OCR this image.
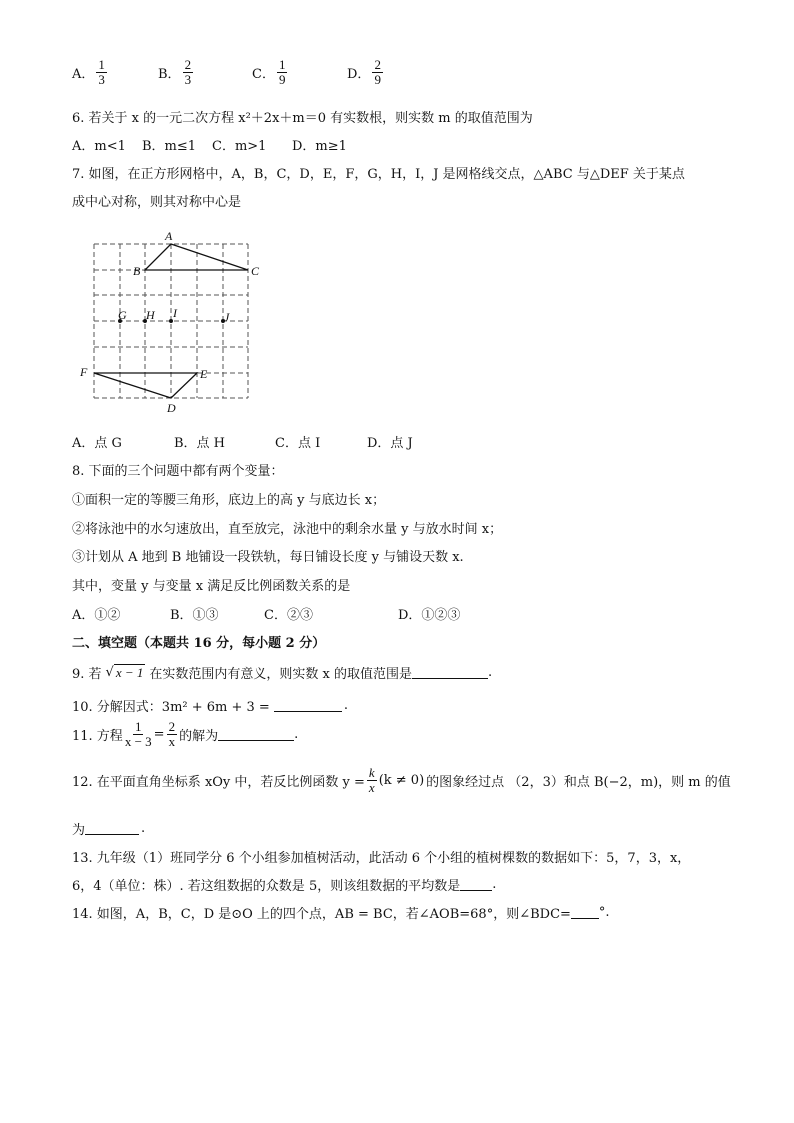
A． $\frac{1}{3}$	B． $\frac{2}{3}$	C． $\frac{1}{9}$	D． $\frac{2}{9}$
6. 若关于 x 的一元二次方程 x²＋2x＋m＝0 有实数根，则实数 m 的取值范围为
A．m<1 B．m≤1 C．m>1 D．m≥1
7. 如图，在正方形网格中，A，B，C，D，E，F，G，H，I，J 是网格线交点，△ABC 与△DEF 关于某点
成中心对称，则其对称中心是
A
B	C
G H I	J
F	E
D
A．点 G	B．点 H	C．点 I	D．点 J
8. 下面的三个问题中都有两个变量：
①面积一定的等腰三角形，底边上的高 y 与底边长 x；
②将泳池中的水匀速放出，直至放完，泳池中的剩余水量 y 与放水时间 x；
③计划从 A 地到 B 地铺设一段铁轨，每日铺设长度 y 与铺设天数 x.
其中，变量 y 与变量 x 满足反比例函数关系的是
A．①②	B．①③	C．②③	D．①②③
二、填空题（本题共 16 分，每小题 2 分）
9. 若 √ x − 1 在实数范围内有意义，则实数 x 的取值范围是	.
10. 分解因式：3m² + 6m + 3 =	.
11. 方程 $\frac{1}{x - 3} = \frac{2}{x}$ 的解为	.
12. 在平面直角坐标系 xOy 中，若反比例函数 $y = \frac{k}{x} (k \ne 0)$ 的图象经过点 （2 ，3） 和点 B(−2，m)，则 m 的值
为	.
13. 九年级（1）班同学分 6 个小组参加植树活动，此活动 6 个小组的植树棵数的数据如下：5，7，3，x，
6，4（单位：株）. 若这组数据的众数是 5，则该组数据的平均数是 .
14. 如图，A，B，C，D 是⊙O 上的四个点，AB = BC，若∠AOB=68°，则∠BDC= °.
